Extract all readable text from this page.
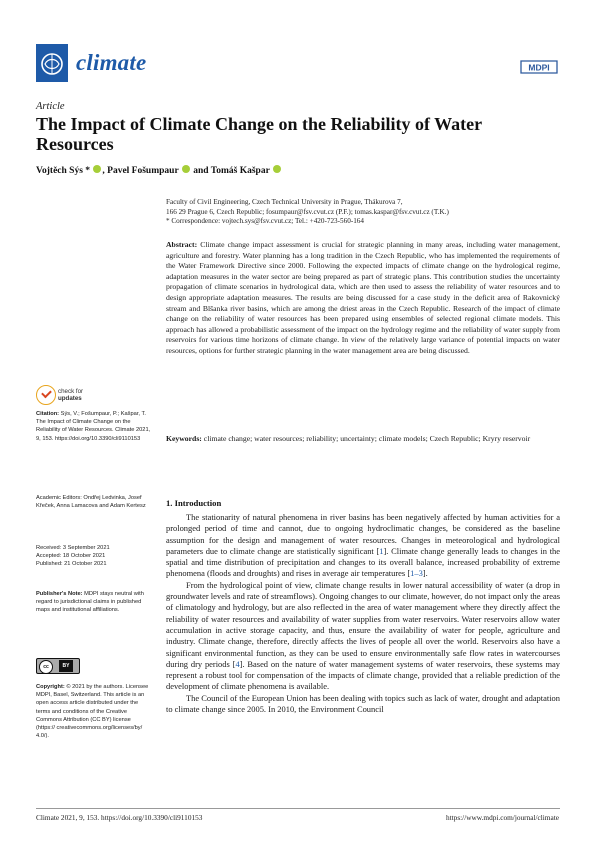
climate	MDPI
Article
The Impact of Climate Change on the Reliability of Water Resources
Vojtěch Sýs * , Pavel Fošumpaur and Tomáš Kašpar

Faculty of Civil Engineering, Czech Technical University in Prague, Thákurova 7,

166 29 Prague 6, Czech Republic; fosumpaur@fsv.cvut.cz (P.F.); tomas.kaspar@fsv.cvut.cz (T.K.)

* Correspondence: vojtech.sys@fsv.cvut.cz; Tel.: +420-723-560-164

Abstract: Climate change impact assessment is crucial for strategic planning in many areas, including water management, agriculture and forestry. Water planning has a long tradition in the Czech Republic, who has implemented the requirements of the Water Framework Directive since 2000. Following the expected impacts of climate change on the hydrological regime, adaptation measures in the water sector are being prepared as part of strategic plans. This contribution studies the uncertainty propagation of climate scenarios in hydrological data, which are then used to assess the reliability of water resources and to design appropriate adaptation measures. The results are being discussed for a case study in the deficit area of Rakovnický stream and Blšanka river basins, which are among the driest areas in the Czech Republic. Research of the impact of climate change on the reliability of water resources has been prepared using ensembles of selected regional climate models. This approach has allowed a probabilistic assessment of the impact on the hydrology regime and the reliability of water supply from reservoirs for various time horizons of climate change. In view of the relatively large variance of potential impacts on water resources, options for further strategic planning in the water management area are being discussed.
Keywords: climate change; water resources; reliability; uncertainty; climate models; Czech Republic; Kryry reservoir
check for
updates

Citation: Sýs, V.; Fošumpaur, P.; Kašpar, T. The Impact of Climate Change on the Reliability of Water Resources. Climate 2021, 9, 153. https://doi.org/10.3390/cli9110153

Academic Editors: Ondřej Ledvinka, Josef Křeček, Anna Lamacova and Adam Kertesz

Received: 3 September 2021

Accepted: 18 October 2021

Published: 21 October 2021

Publisher's Note: MDPI stays neutral with regard to jurisdictional claims in published maps and institutional affiliations.

cc	BY

Copyright: © 2021 by the authors. Licensee MDPI, Basel, Switzerland. This article is an open access article distributed under the terms and conditions of the Creative Commons Attribution (CC BY) license (https:// creativecommons.org/licenses/by/ 4.0/).

1. Introduction

The stationarity of natural phenomena in river basins has been negatively affected by human activities for a prolonged period of time and cannot, due to ongoing hydroclimatic changes, be considered as the baseline assumption for the design and management of water resources. Changes in meteorological and hydrological parameters due to climate change are statistically significant [1]. Climate change generally leads to changes in the spatial and time distribution of precipitation and changes to its overall balance, increased probability of extreme phenomena (floods and droughts) and rises in average air temperatures [1–3].

From the hydrological point of view, climate change results in lower natural accessibility of water (a drop in groundwater levels and rate of streamflows). Ongoing changes to our climate, however, do not impact only the areas of climatology and hydrology, but are also reflected in the area of water management where they directly affect the reliability of water resources and availability of water supplies from water reservoirs. Water reservoirs allow water accumulation in active storage capacity, and thus, ensure the availability of water for people, agriculture and industry. Climate change, therefore, directly affects the lives of people all over the world. Reservoirs also have a significant environmental function, as they can be used to ensure environmentally safe flow rates in watercourses during dry periods [4]. Based on the nature of water management systems of water reservoirs, these systems may represent a robust tool for compensation of the impacts of climate change, provided that a reliable prediction of the development of climate phenomena is available.

The Council of the European Union has been dealing with topics such as lack of water, drought and adaptation to climate change since 2005. In 2010, the Environment Council

Climate 2021, 9, 153. https://doi.org/10.3390/cli9110153	https://www.mdpi.com/journal/climate
